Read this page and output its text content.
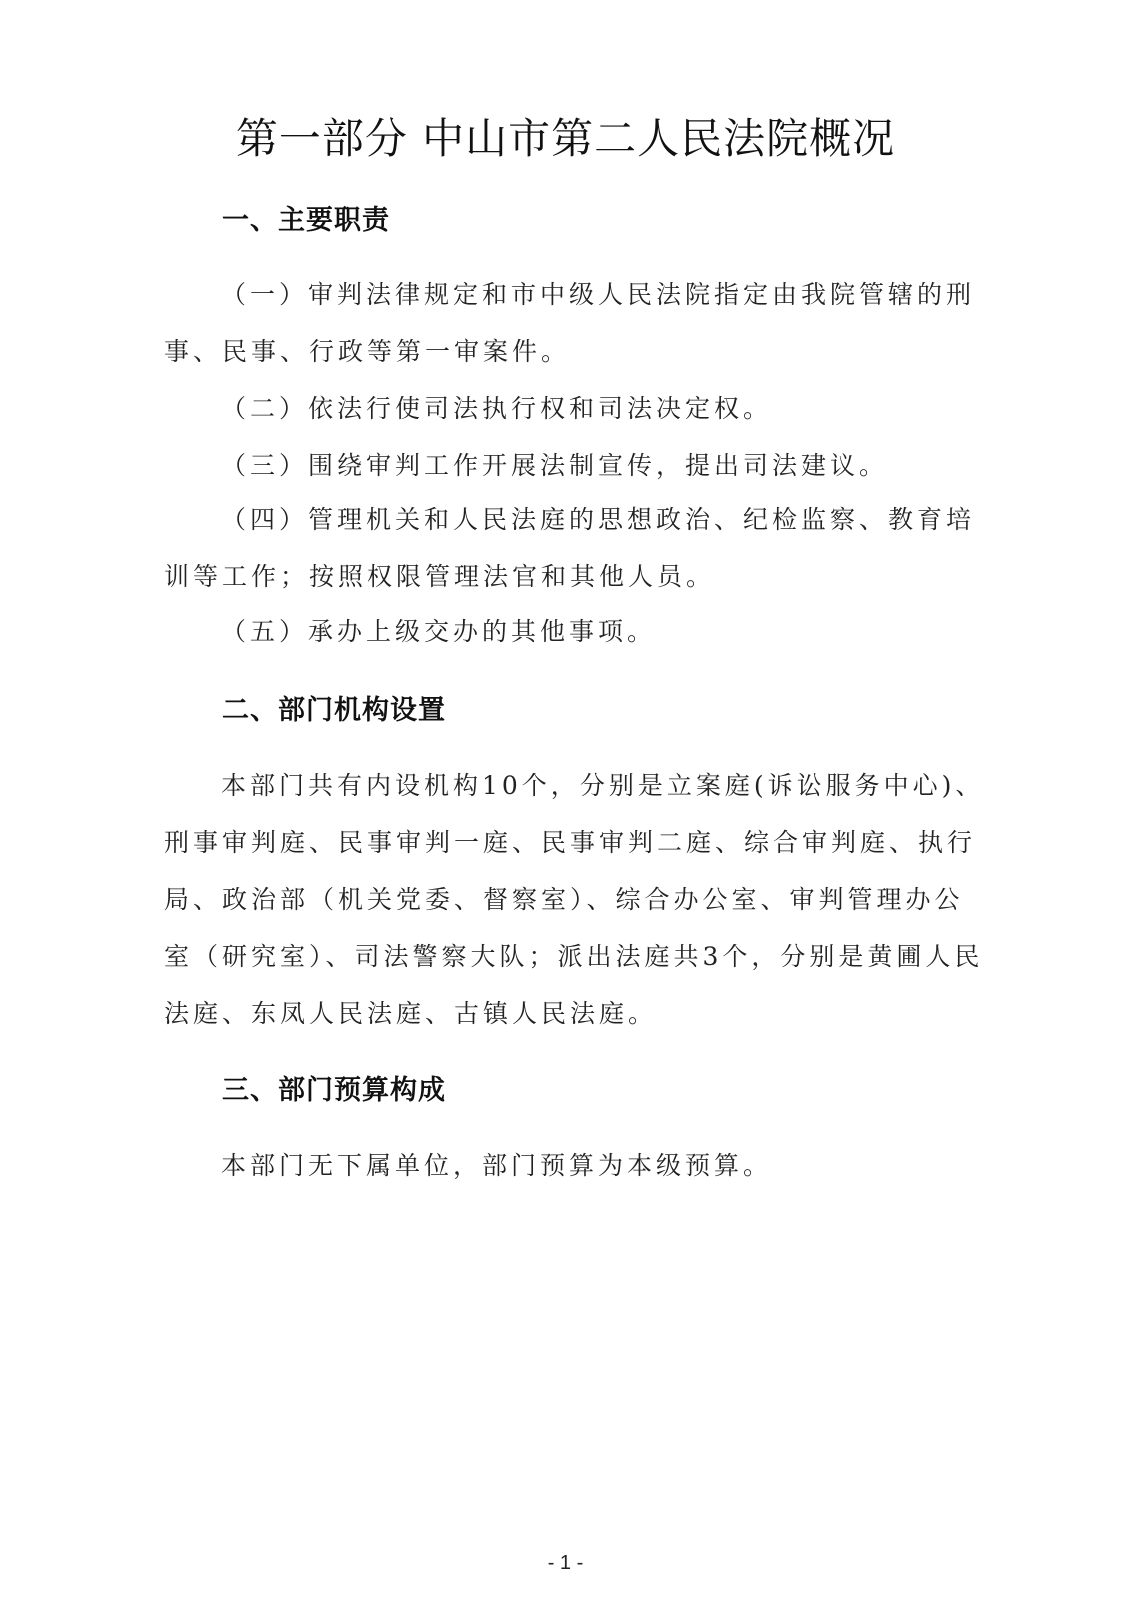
第一部分 中山市第二人民法院概况
一、主要职责
（一）审判法律规定和市中级人民法院指定由我院管辖的刑
事、民事、行政等第一审案件。
（二）依法行使司法执行权和司法决定权。
（三）围绕审判工作开展法制宣传，提出司法建议。
（四）管理机关和人民法庭的思想政治、纪检监察、教育培
训等工作；按照权限管理法官和其他人员。
（五）承办上级交办的其他事项。
二、部门机构设置
本部门共有内设机构10个，分别是立案庭(诉讼服务中心)、
刑事审判庭、民事审判一庭、民事审判二庭、综合审判庭、执行
局、政治部（机关党委、督察室）、综合办公室、审判管理办公
室（研究室）、司法警察大队；派出法庭共3个，分别是黄圃人民
法庭、东凤人民法庭、古镇人民法庭。
三、部门预算构成
本部门无下属单位，部门预算为本级预算。
- 1 -
